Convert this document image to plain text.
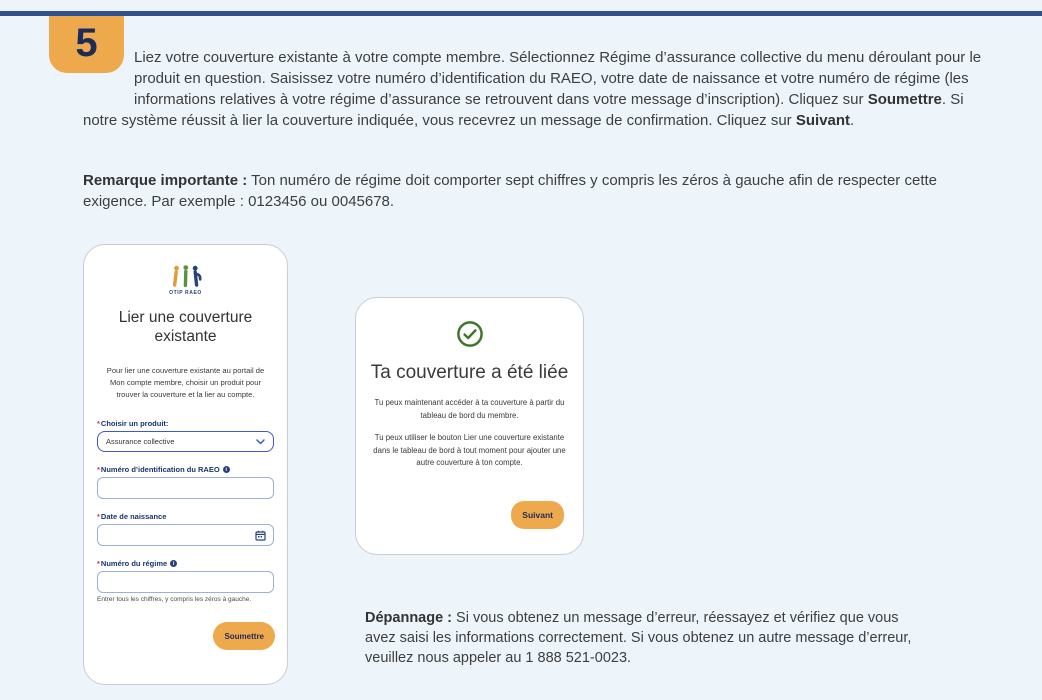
5	Liez votre couverture existante à votre compte membre. Sélectionnez Régime d’assurance collective du menu déroulant pour le produit en question. Saisissez votre numéro d’identification du RAEO, votre date de naissance et votre numéro de régime (les informations relatives à votre régime d’assurance se retrouvent dans votre message d’inscription). Cliquez sur Soumettre. Si notre système réussit à lier la couverture indiquée, vous recevrez un message de confirmation. Cliquez sur Suivant.
Remarque importante : Ton numéro de régime doit comporter sept chiffres y compris les zéros à gauche afin de respecter cette exigence. Par exemple : 0123456 ou 0045678.
OTIP RAEO
Lier une couverture existante

Pour lier une couverture existante au portail de Mon compte membre, choisir un produit pour trouver la couverture et la lier au compte.

* Choisir un produit:
Assurance collective
* Numéro d’identification du RAEO	i
* Date de naissance
* Numéro du régime	i
Entrer tous les chiffres, y compris les zéros à gauche.
Soumettre
Ta couverture a été liée

Tu peux maintenant accéder à ta couverture à partir du tableau de bord du membre.

Tu peux utiliser le bouton Lier une couverture existante dans le tableau de bord à tout moment pour ajouter une autre couverture à ton compte.

Suivant
Dépannage : Si vous obtenez un message d’erreur, réessayez et vérifiez que vous avez saisi les informations correctement. Si vous obtenez un autre message d’erreur, veuillez nous appeler au 1 888 521-0023.
